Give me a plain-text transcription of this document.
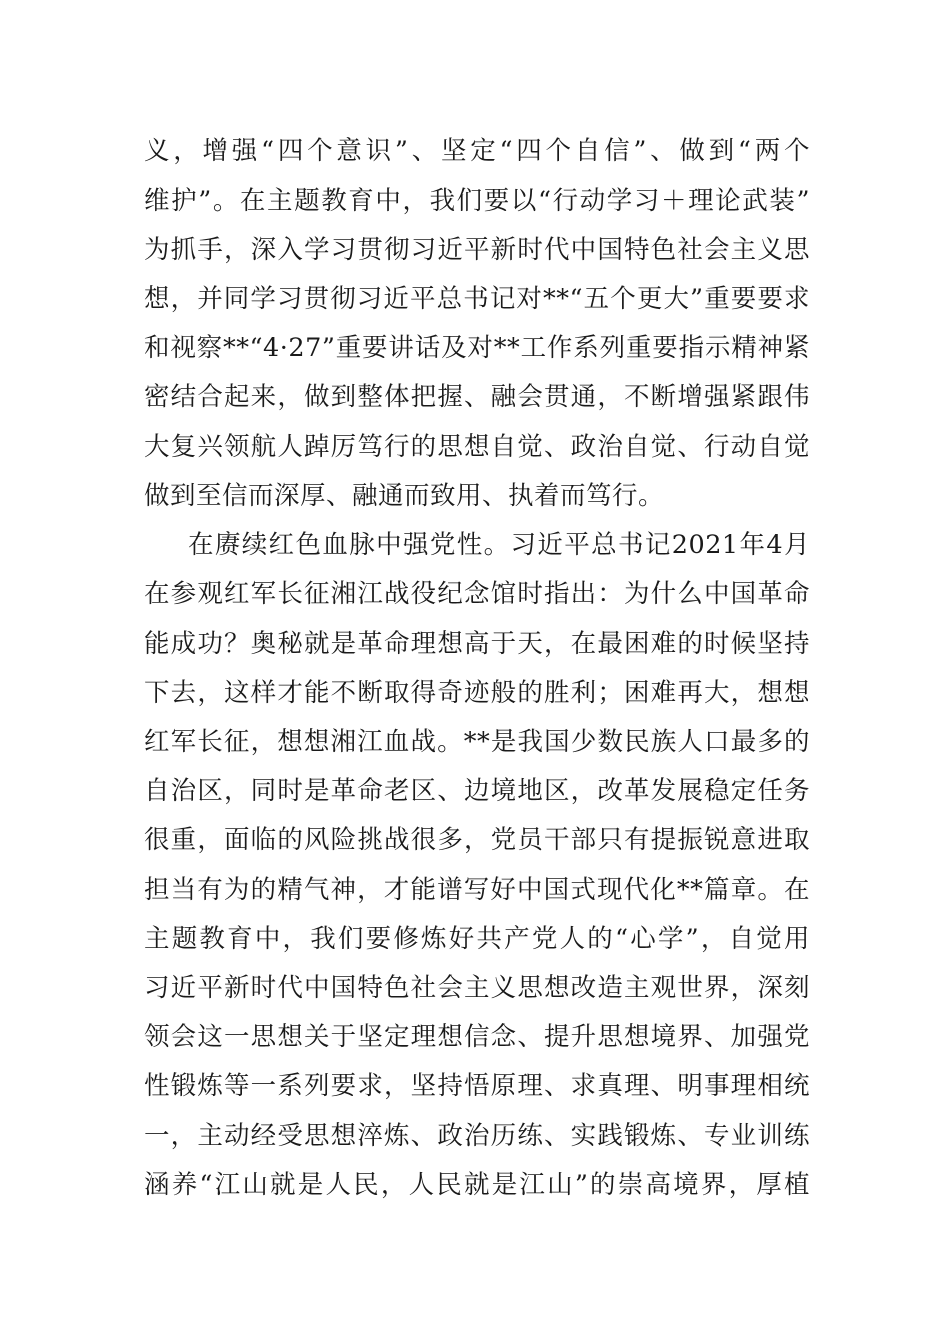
义，增强“四个意识”、坚定“四个自信”、做到“两个
维护”。在主题教育中，我们要以“行动学习＋理论武装”
为抓手，深入学习贯彻习近平新时代中国特色社会主义思
想，并同学习贯彻习近平总书记对**“五个更大”重要要求
和视察**“4·27”重要讲话及对**工作系列重要指示精神紧
密结合起来，做到整体把握、融会贯通，不断增强紧跟伟
大复兴领航人踔厉笃行的思想自觉、政治自觉、行动自觉
做到至信而深厚、融通而致用、执着而笃行。
在赓续红色血脉中强党性。习近平总书记2021年4月
在参观红军长征湘江战役纪念馆时指出：为什么中国革命
能成功？奥秘就是革命理想高于天，在最困难的时候坚持
下去，这样才能不断取得奇迹般的胜利；困难再大，想想
红军长征，想想湘江血战。**是我国少数民族人口最多的
自治区，同时是革命老区、边境地区，改革发展稳定任务
很重，面临的风险挑战很多，党员干部只有提振锐意进取
担当有为的精气神，才能谱写好中国式现代化**篇章。在
主题教育中，我们要修炼好共产党人的“心学”，自觉用
习近平新时代中国特色社会主义思想改造主观世界，深刻
领会这一思想关于坚定理想信念、提升思想境界、加强党
性锻炼等一系列要求，坚持悟原理、求真理、明事理相统
一，主动经受思想淬炼、政治历练、实践锻炼、专业训练
涵养“江山就是人民，人民就是江山”的崇高境界，厚植
